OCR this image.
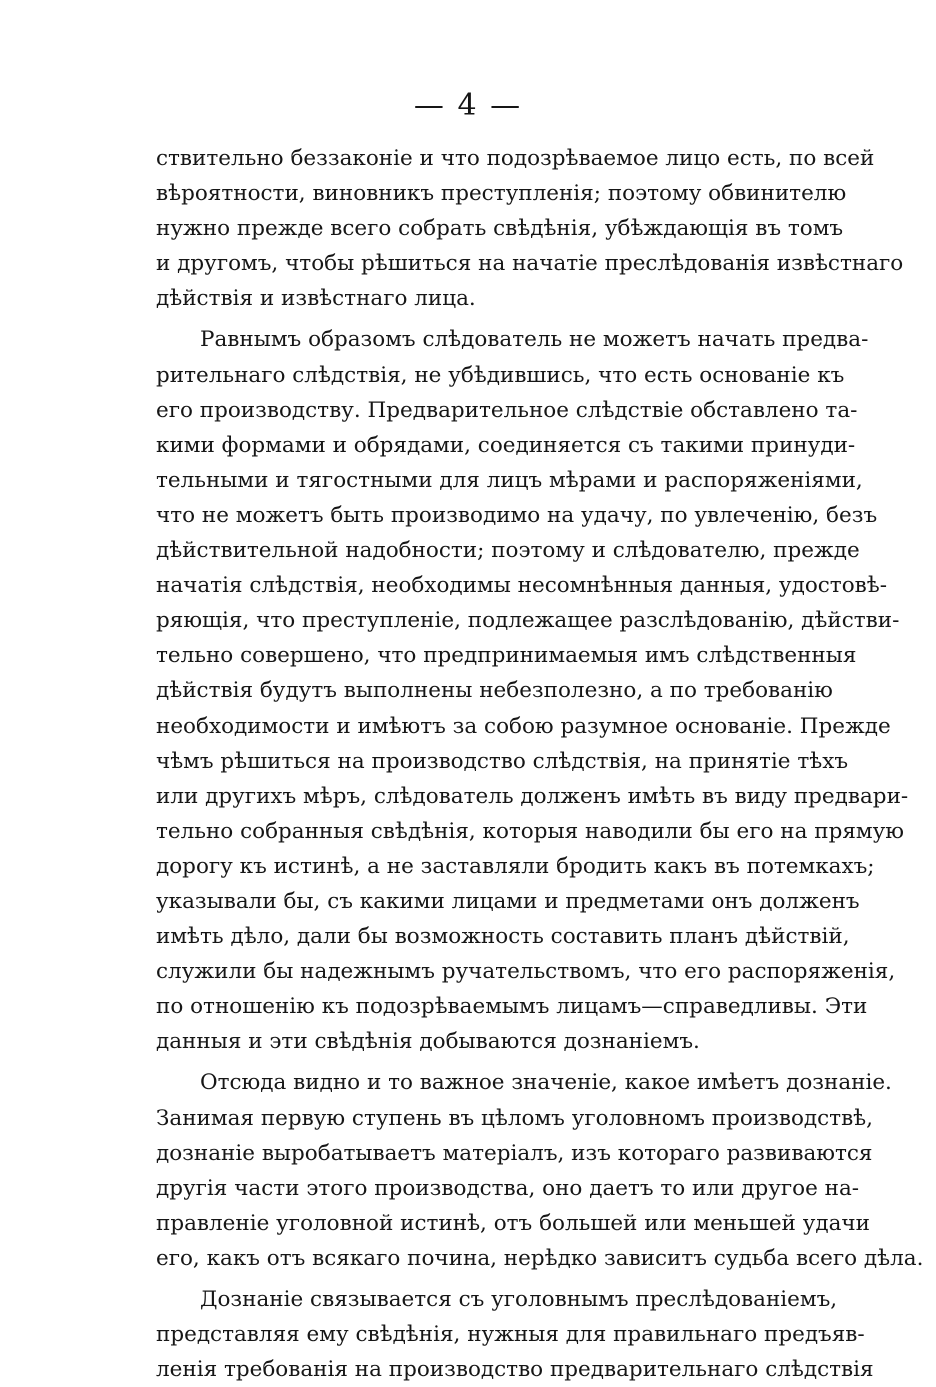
— 4 —
ствительно беззаконіе и что подозрѣваемое лицо есть, по всей
вѣроятности, виновникъ преступленія; поэтому обвинителю
нужно прежде всего собрать свѣдѣнія, убѣждающія въ томъ
и другомъ, чтобы рѣшиться на начатіе преслѣдованія извѣстнаго
дѣйствія и извѣстнаго лица.
Равнымъ образомъ слѣдователь не можетъ начать предва-
рительнаго слѣдствія, не убѣдившись, что есть основаніе къ
его производству. Предварительное слѣдствіе обставлено та-
кими формами и обрядами, соединяется съ такими принуди-
тельными и тягостными для лицъ мѣрами и распоряженіями,
что не можетъ быть производимо на удачу, по увлеченію, безъ
дѣйствительной надобности; поэтому и слѣдователю, прежде
начатія слѣдствія, необходимы несомнѣнныя данныя, удостовѣ-
ряющія, что преступленіе, подлежащее разслѣдованію, дѣйстви-
тельно совершено, что предпринимаемыя имъ слѣдственныя
дѣйствія будутъ выполнены небезполезно, а по требованію
необходимости и имѣютъ за собою разумное основаніе. Прежде
чѣмъ рѣшиться на производство слѣдствія, на принятіе тѣхъ
или другихъ мѣръ, слѣдователь долженъ имѣть въ виду предвари-
тельно собранныя свѣдѣнія, которыя наводили бы его на прямую
дорогу къ истинѣ, а не заставляли бродить какъ въ потемкахъ;
указывали бы, съ какими лицами и предметами онъ долженъ
имѣть дѣло, дали бы возможность составить планъ дѣйствій,
служили бы надежнымъ ручательствомъ, что его распоряженія,
по отношенію къ подозрѣваемымъ лицамъ—справедливы. Эти
данныя и эти свѣдѣнія добываются дознаніемъ.
Отсюда видно и то важное значеніе, какое имѣетъ дознаніе.
Занимая первую ступень въ цѣломъ уголовномъ производствѣ,
дознаніе выробатываетъ матеріалъ, изъ котораго развиваются
другія части этого производства, оно даетъ то или другое на-
правленіе уголовной истинѣ, отъ большей или меньшей удачи
его, какъ отъ всякаго почина, нерѣдко зависитъ судьба всего дѣла.
Дознаніе связывается съ уголовнымъ преслѣдованіемъ,
представляя ему свѣдѣнія, нужныя для правильнаго предъяв-
ленія требованія на производство предварительнаго слѣдствія
